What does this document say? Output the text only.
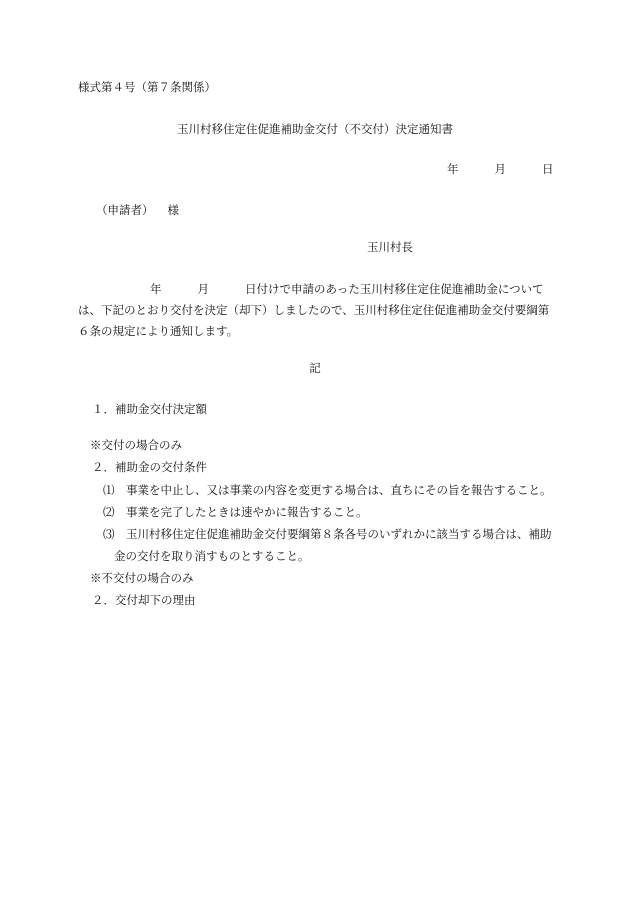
様式第４号（第７条関係）
玉川村移住定住促進補助金交付（不交付）決定通知書
年	月	日
（申請者） 様
玉川村長

年	月	日付けで申請のあった玉川村移住定住促進補助金について

は、下記のとおり交付を決定（却下）しましたので、玉川村移住定住促進補助金交付要綱第

６条の規定により通知します。

記
１．補助金交付決定額
※交付の場合のみ
２．補助金の交付条件
⑴ 事業を中止し、又は事業の内容を変更する場合は、直ちにその旨を報告すること。
⑵ 事業を完了したときは速やかに報告すること。
⑶ 玉川村移住定住促進補助金交付要綱第８条各号のいずれかに該当する場合は、補助
金の交付を取り消すものとすること。
※不交付の場合のみ
２．交付却下の理由
